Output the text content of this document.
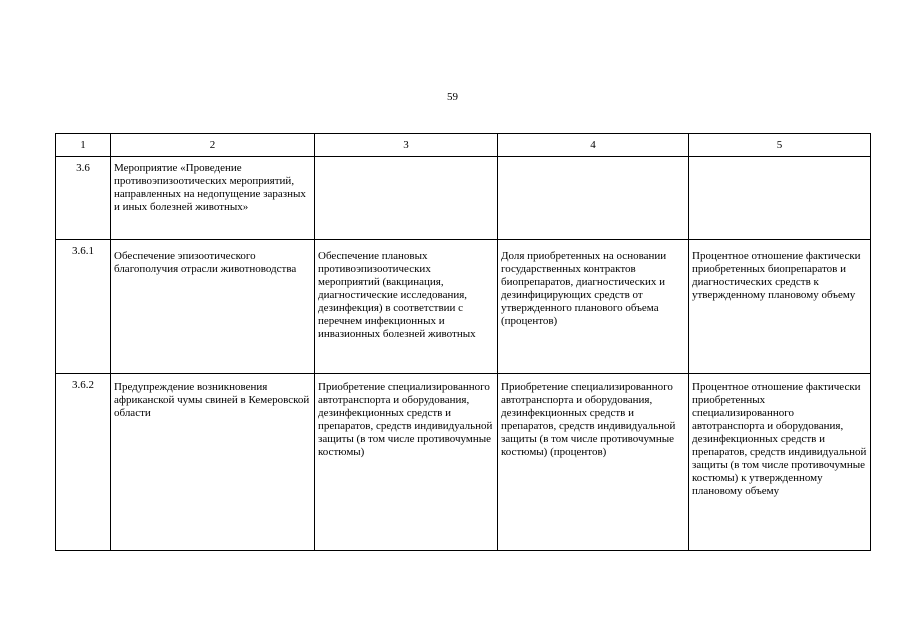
59
1	2	3	4	5
3.6	Мероприятие «Проведение противоэпизоотических мероприятий, направленных на недопущение заразных и иных болезней животных»			
3.6.1	Обеспечение эпизоотического благополучия отрасли животноводства	Обеспечение плановых противоэпизоотических мероприятий (вакцинация, диагностические исследования, дезинфекция) в соответствии с перечнем инфекционных и инвазионных болезней животных	Доля приобретенных на основании государственных контрактов биопрепаратов, диагностических и дезинфицирующих средств от утвержденного планового объема (процентов)	Процентное отношение фактически приобретенных биопрепаратов и диагностических средств к утвержденному плановому объему
3.6.2	Предупреждение возникновения африканской чумы свиней в Кемеровской области	Приобретение специализированного автотранспорта и оборудования, дезинфекционных средств и препаратов, средств индивидуальной защиты (в том числе противочумные костюмы)	Приобретение специализированного автотранспорта и оборудования, дезинфекционных средств и препаратов, средств индивидуальной защиты (в том числе противочумные костюмы) (процентов)	Процентное отношение фактически приобретенных специализированного автотранспорта и оборудования, дезинфекционных средств и препаратов, средств индивидуальной защиты (в том числе противочумные костюмы) к утвержденному плановому объему
